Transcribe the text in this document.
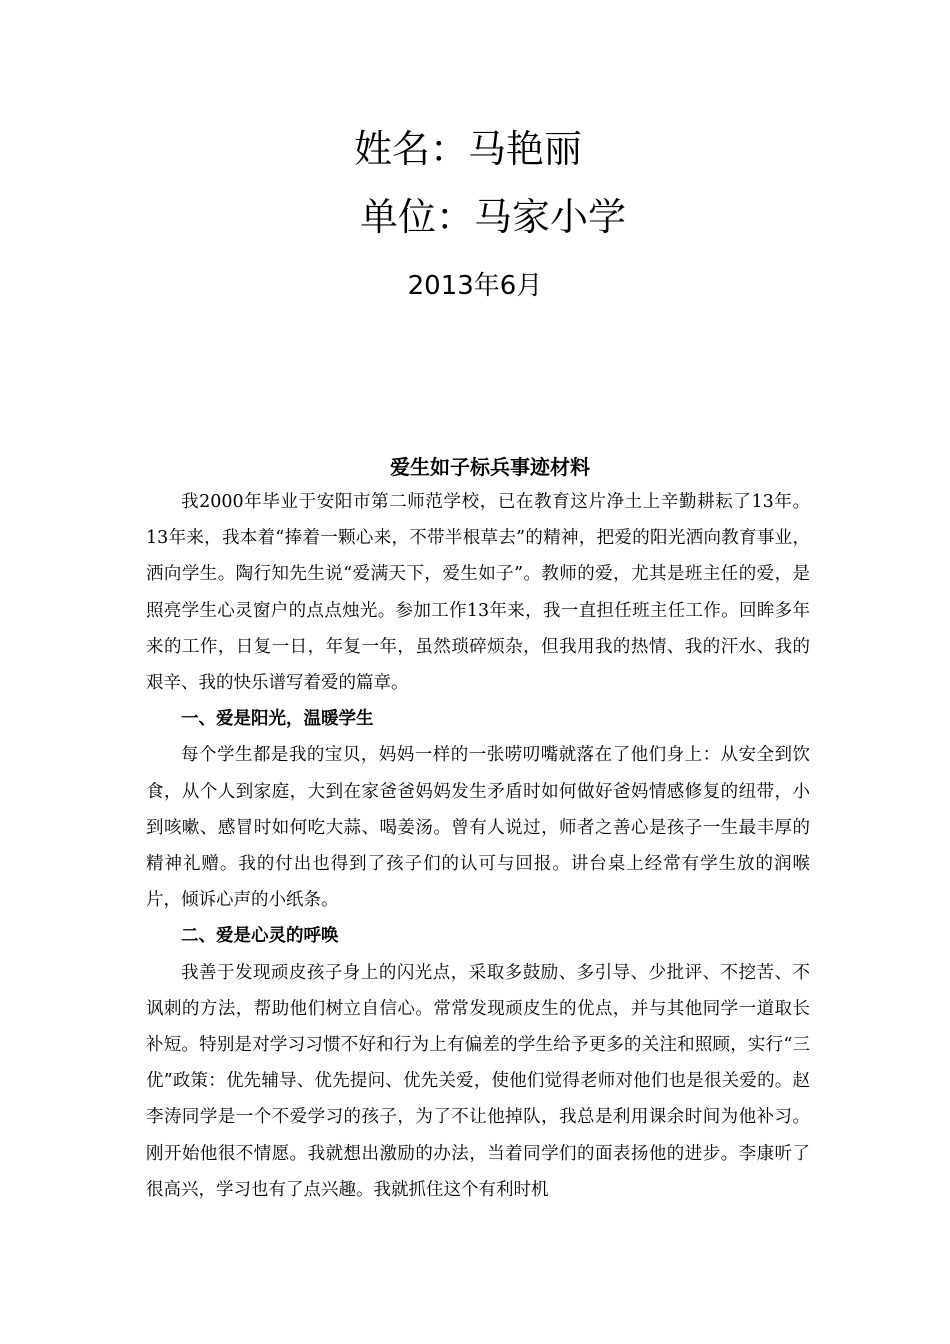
姓名：马艳丽
单位：马家小学
2013年6月
爱生如子标兵事迹材料

我2000年毕业于安阳市第二师范学校，已在教育这片净土上辛勤耕耘了13年。13年来，我本着“捧着一颗心来，不带半根草去”的精神，把爱的阳光洒向教育事业，洒向学生。陶行知先生说“爱满天下，爱生如子”。教师的爱，尤其是班主任的爱，是照亮学生心灵窗户的点点烛光。参加工作13年来，我一直担任班主任工作。回眸多年来的工作，日复一日，年复一年，虽然琐碎烦杂，但我用我的热情、我的汗水、我的艰辛、我的快乐谱写着爱的篇章。

一、爱是阳光，温暖学生

每个学生都是我的宝贝，妈妈一样的一张唠叨嘴就落在了他们身上：从安全到饮食，从个人到家庭，大到在家爸爸妈妈发生矛盾时如何做好爸妈情感修复的纽带，小到咳嗽、感冒时如何吃大蒜、喝姜汤。曾有人说过，师者之善心是孩子一生最丰厚的精神礼赠。我的付出也得到了孩子们的认可与回报。讲台桌上经常有学生放的润喉片，倾诉心声的小纸条。

二、爱是心灵的呼唤

我善于发现顽皮孩子身上的闪光点，采取多鼓励、多引导、少批评、不挖苦、不讽刺的方法，帮助他们树立自信心。常常发现顽皮生的优点，并与其他同学一道取长补短。特别是对学习习惯不好和行为上有偏差的学生给予更多的关注和照顾，实行“三优”政策：优先辅导、优先提问、优先关爱，使他们觉得老师对他们也是很关爱的。赵李涛同学是一个不爱学习的孩子，为了不让他掉队，我总是利用课余时间为他补习。刚开始他很不情愿。我就想出激励的办法，当着同学们的面表扬他的进步。李康听了很高兴，学习也有了点兴趣。我就抓住这个有利时机
